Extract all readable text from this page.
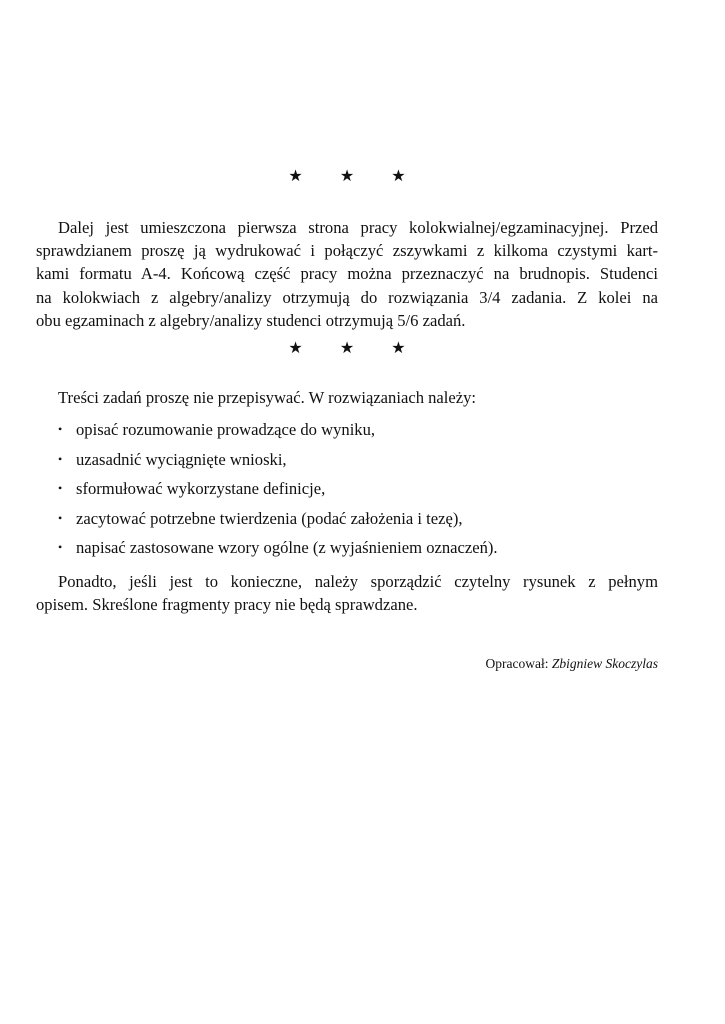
★ ★ ★

Dalej jest umieszczona pierwsza strona pracy kolokwialnej/egzaminacyjnej. Przed
sprawdzianem proszę ją wydrukować i połączyć zszywkami z kilkoma czystymi kart-
kami formatu A-4. Końcową część pracy można przeznaczyć na brudnopis. Studenci
na kolokwiach z algebry/analizy otrzymują do rozwiązania 3/4 zadania. Z kolei na
obu egzaminach z algebry/analizy studenci otrzymują 5/6 zadań.

★ ★ ★

Treści zadań proszę nie przepisywać. W rozwiązaniach należy:

• opisać rozumowanie prowadzące do wyniku,
• uzasadnić wyciągnięte wnioski,
• sformułować wykorzystane definicje,
• zacytować potrzebne twierdzenia (podać założenia i tezę),
• napisać zastosowane wzory ogólne (z wyjaśnieniem oznaczeń).

Ponadto, jeśli jest to konieczne, należy sporządzić czytelny rysunek z pełnym
opisem. Skreślone fragmenty pracy nie będą sprawdzane.

Opracował: Zbigniew Skoczylas
